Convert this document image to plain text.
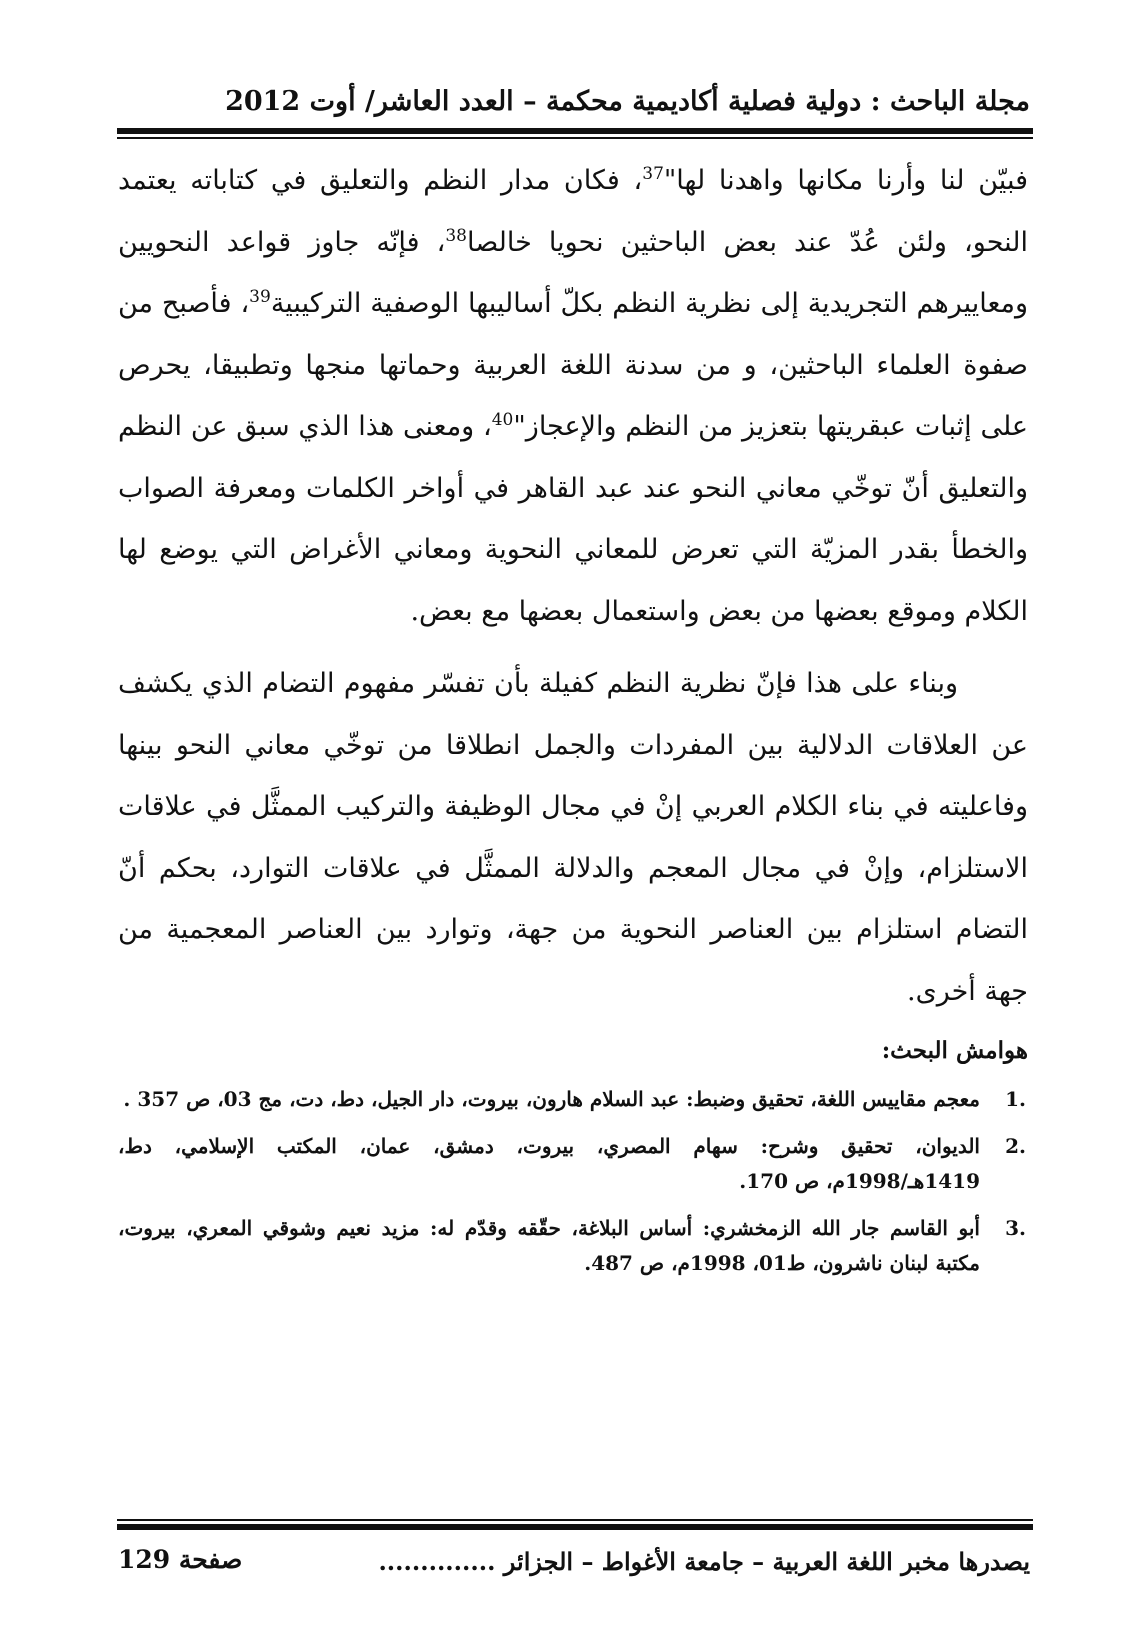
مجلة الباحث : دولية فصلية أكاديمية محكمة – العدد العاشر/ أوت 2012

فبيّن لنا وأرنا مكانها واهدنا لها"$^{37}$، فكان مدار النظم والتعليق في كتاباته يعتمد النحو، ولئن عُدّ عند بعض الباحثين نحويا خالصا$^{38}$، فإنّه جاوز قواعد النحويين ومعاييرهم التجريدية إلى نظرية النظم بكلّ أساليبها الوصفية التركيبية$^{39}$، فأصبح من صفوة العلماء الباحثين، و من سدنة اللغة العربية وحماتها منجها وتطبيقا، يحرص على إثبات عبقريتها بتعزيز من النظم والإعجاز"$^{40}$، ومعنى هذا الذي سبق عن النظم والتعليق أنّ توخّي معاني النحو عند عبد القاهر في أواخر الكلمات ومعرفة الصواب والخطأ بقدر المزيّة التي تعرض للمعاني النحوية ومعاني الأغراض التي يوضع لها الكلام وموقع بعضها من بعض واستعمال بعضها مع بعض.

وبناء على هذا فإنّ نظرية النظم كفيلة بأن تفسّر مفهوم التضام الذي يكشف عن العلاقات الدلالية بين المفردات والجمل انطلاقا من توخّي معاني النحو بينها وفاعليته في بناء الكلام العربي إنْ في مجال الوظيفة والتركيب الممثَّل في علاقات الاستلزام، وإنْ في مجال المعجم والدلالة الممثَّل في علاقات التوارد، بحكم أنّ التضام استلزام بين العناصر النحوية من جهة، وتوارد بين العناصر المعجمية من جهة أخرى.

هوامش البحث:
1.
معجم مقاييس اللغة، تحقيق وضبط: عبد السلام هارون، بيروت، دار الجيل، دط، دت، مج 03، ص 357 .
2.
الديوان، تحقيق وشرح: سهام المصري، بيروت، دمشق، عمان، المكتب الإسلامي، دط، 1419هـ/1998م، ص 170.
3.
أبو القاسم جار الله الزمخشري: أساس البلاغة، حقّقه وقدّم له: مزيد نعيم وشوقي المعري، بيروت، مكتبة لبنان ناشرون، ط01، 1998م، ص 487.
يصدرها مخبر اللغة العربية – جامعة الأغواط – الجزائر ..............
صفحة 129
